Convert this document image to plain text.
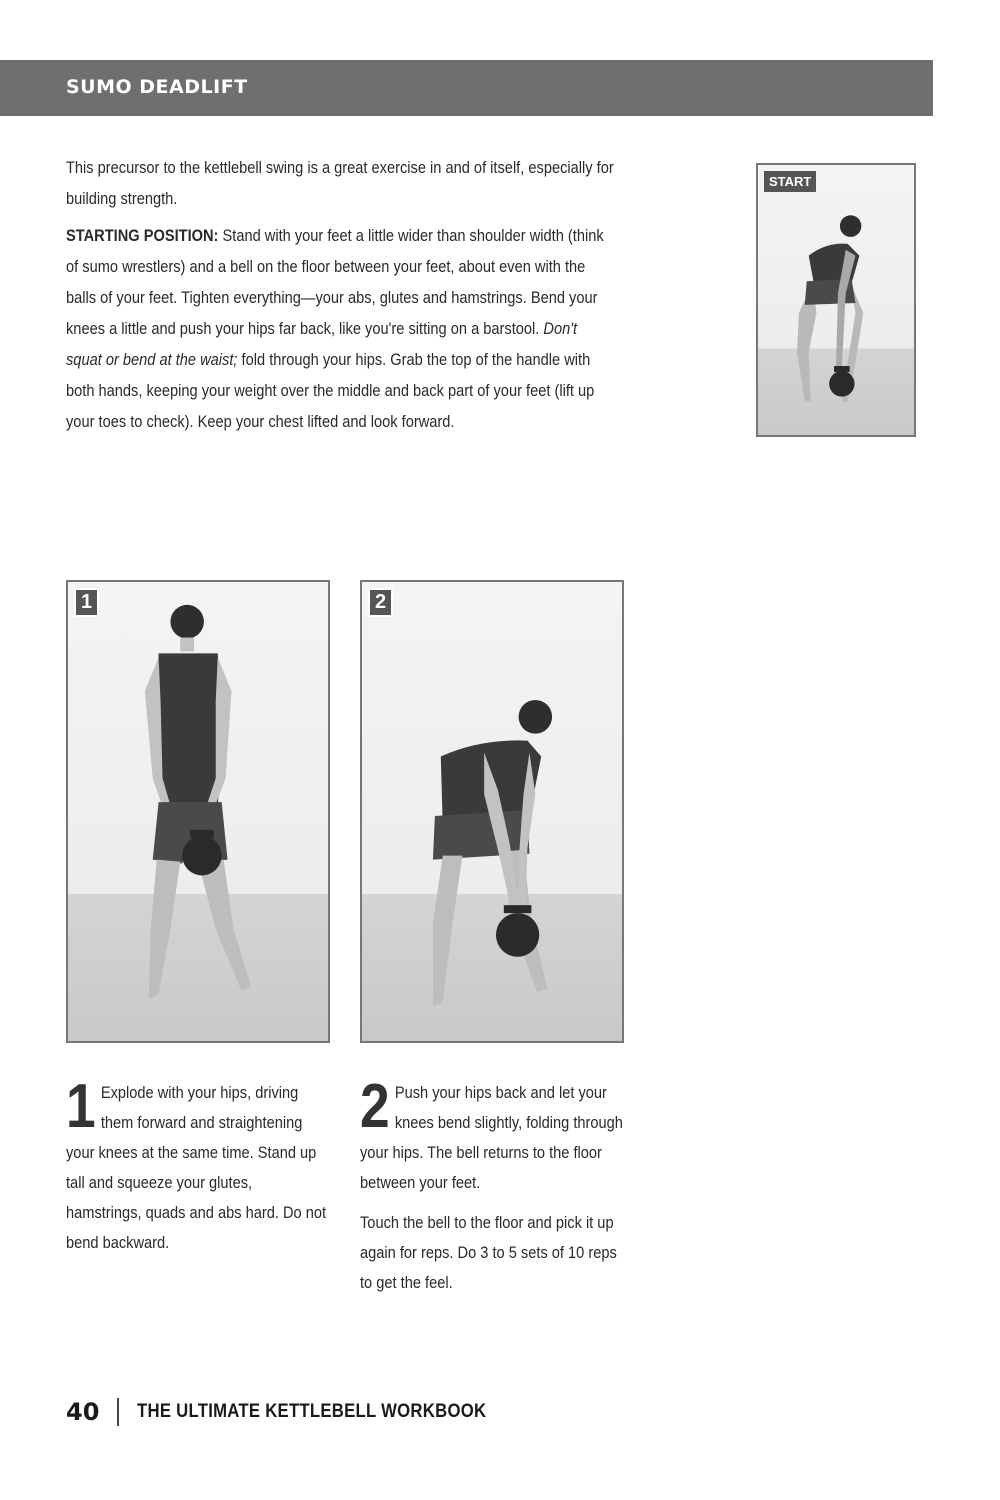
SUMO DEADLIFT

This precursor to the kettlebell swing is a great exercise in and of itself, especially for building strength.

STARTING POSITION: Stand with your feet a little wider than shoulder width (think of sumo wrestlers) and a bell on the floor between your feet, about even with the balls of your feet. Tighten everything—your abs, glutes and hamstrings. Bend your knees a little and push your hips far back, like you're sitting on a barstool. Don't squat or bend at the waist; fold through your hips. Grab the top of the handle with both hands, keeping your weight over the middle and back part of your feet (lift up your toes to check). Keep your chest lifted and look forward.

START
1	2
1 Explode with your hips, driving them forward and straightening your knees at the same time. Stand up tall and squeeze your glutes, hamstrings, quads and abs hard. Do not bend backward.

2 Push your hips back and let your knees bend slightly, folding through your hips. The bell returns to the floor between your feet.

Touch the bell to the floor and pick it up again for reps. Do 3 to 5 sets of 10 reps to get the feel.

40 THE ULTIMATE KETTLEBELL WORKBOOK
